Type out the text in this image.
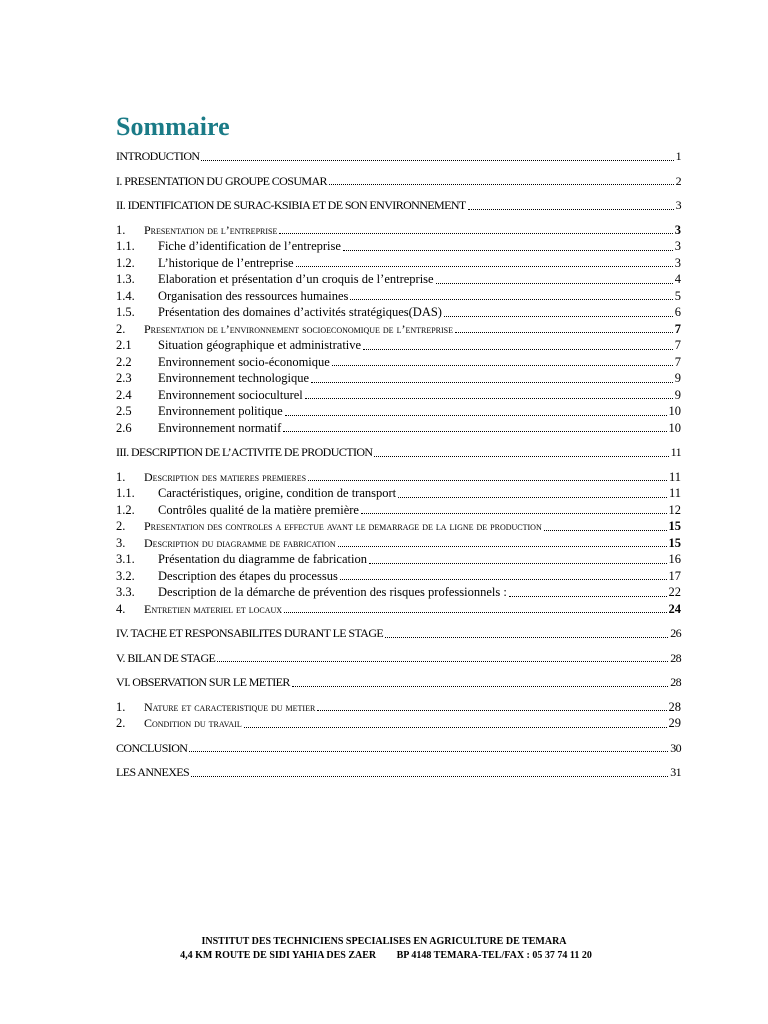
Sommaire
INTRODUCTION	1
I. PRESENTATION DU GROUPE COSUMAR	2
II. IDENTIFICATION DE SURAC-KSIBIA ET DE SON ENVIRONNEMENT	3
1.	Presentation de l’entreprise	3
1.1.	Fiche d’identification de l’entreprise	3
1.2.	L’historique de l’entreprise	3
1.3.	Elaboration et présentation d’un croquis de l’entreprise	4
1.4.	Organisation des ressources humaines	5
1.5.	Présentation des domaines d’activités stratégiques(DAS)	6
2.	Presentation de l’environnement socioeconomique de l’entreprise	7
2.1	Situation géographique et administrative	7
2.2	Environnement socio-économique	7
2.3	Environnement technologique	9
2.4	Environnement socioculturel	9
2.5	Environnement politique	10
2.6	Environnement normatif	10
III. DESCRIPTION DE L’ACTIVITE DE PRODUCTION	11
1.	Description des matieres premieres	11
1.1.	Caractéristiques, origine, condition de transport	11
1.2.	Contrôles qualité de la matière première	12
2.	Presentation des controles a effectue avant le demarrage de la ligne de production	15
3.	Description du diagramme de fabrication	15
3.1.	Présentation du diagramme de fabrication	16
3.2.	Description des étapes du processus	17
3.3.	Description de la démarche de prévention des risques professionnels :	22
4.	Entretien materiel et locaux	24
IV. TACHE ET RESPONSABILITES DURANT LE STAGE	26
V. BILAN DE STAGE	28
VI. OBSERVATION SUR LE METIER	28
1.	Nature et caracteristique du metier	28
2.	Condition du travail	29
CONCLUSION	30
LES ANNEXES	31
INSTITUT DES TECHNICIENS SPECIALISES EN AGRICULTURE DE TEMARA
4,4 KM ROUTE DE SIDI YAHIA DES ZAER BP 4148 TEMARA-TEL/FAX : 05 37 74 11 20
